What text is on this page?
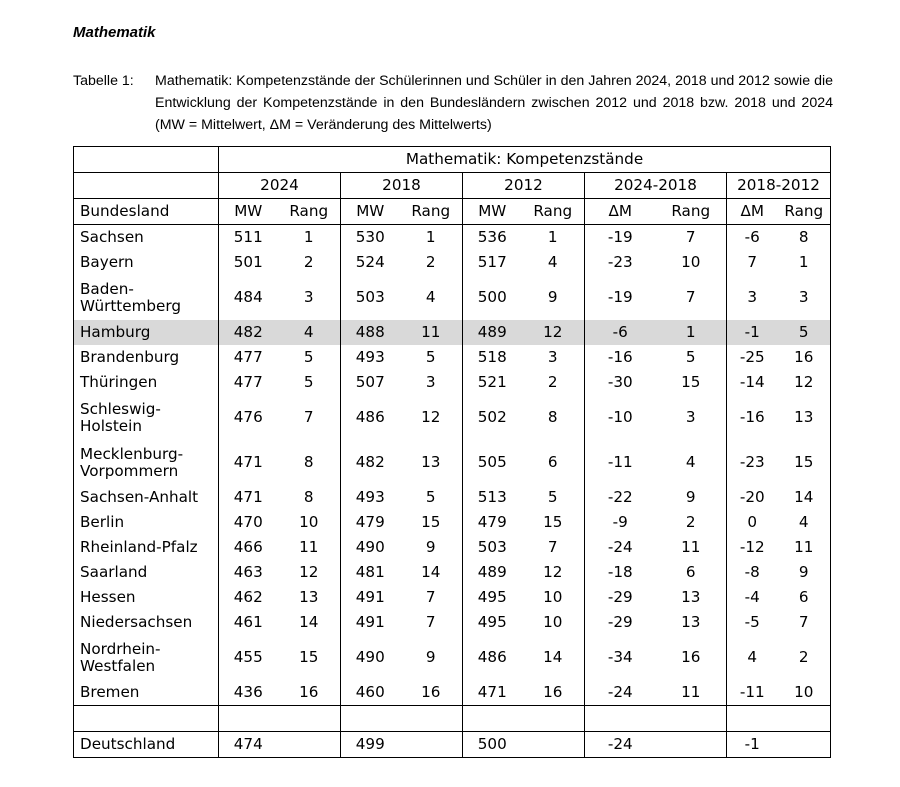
Mathematik
Tabelle 1: Mathematik: Kompetenzstände der Schülerinnen und Schüler in den Jahren 2024, 2018 und 2012 sowie die Entwicklung der Kompetenzstände in den Bundesländern zwischen 2012 und 2018 bzw. 2018 und 2024 (MW = Mittelwert, ΔM = Veränderung des Mittelwerts)
	Mathematik: Kompetenzstände									
	2024		2018		2012		2024-2018		2018-2012	
Bundesland	MW	Rang	MW	Rang	MW	Rang	ΔM	Rang	ΔM	Rang
Sachsen	511	1	530	1	536	1	-19	7	-6	8
Bayern	501	2	524	2	517	4	-23	10	7	1
Baden-
Württemberg	484	3	503	4	500	9	-19	7	3	3
Hamburg	482	4	488	11	489	12	-6	1	-1	5
Brandenburg	477	5	493	5	518	3	-16	5	-25	16
Thüringen	477	5	507	3	521	2	-30	15	-14	12
Schleswig-
Holstein	476	7	486	12	502	8	-10	3	-16	13
Mecklenburg-
Vorpommern	471	8	482	13	505	6	-11	4	-23	15
Sachsen-Anhalt	471	8	493	5	513	5	-22	9	-20	14
Berlin	470	10	479	15	479	15	-9	2	0	4
Rheinland-Pfalz	466	11	490	9	503	7	-24	11	-12	11
Saarland	463	12	481	14	489	12	-18	6	-8	9
Hessen	462	13	491	7	495	10	-29	13	-4	6
Niedersachsen	461	14	491	7	495	10	-29	13	-5	7
Nordrhein-
Westfalen	455	15	490	9	486	14	-34	16	4	2
Bremen	436	16	460	16	471	16	-24	11	-11	10

Deutschland	474		499		500		-24		-1	
